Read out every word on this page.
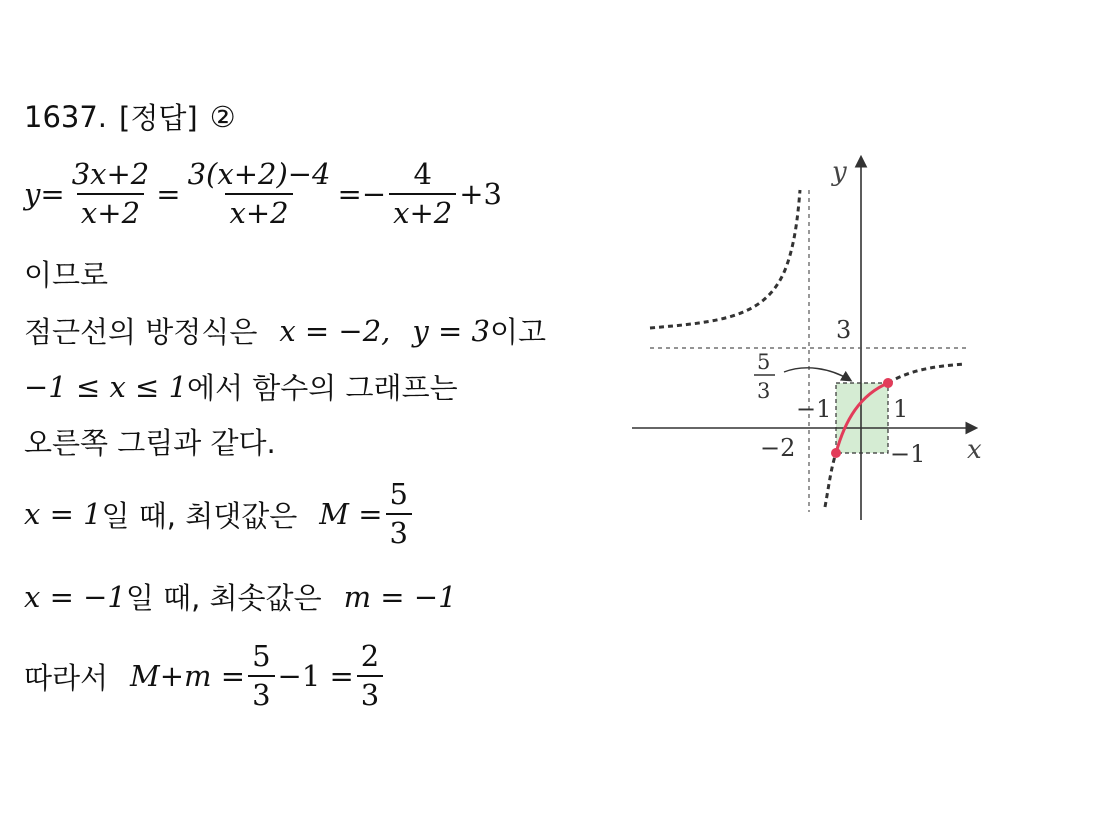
1637. [정답] ②
$y = \frac{3x+2}{x+2} = \frac{3(x+2)-4}{x+2}$ = − $\frac{4}{x+2} +3$
이므로
점근선의 방정식은 x = −2, y = 3 이고
−1 ≤ x ≤ 1 에서 함수의 그래프는
오른쪽 그림과 같다.
x = 1 일 때, 최댓값은 $M = \frac{5}{3}$
x = −1 일 때, 최솟값은 m = −1
따라서 $M+m = \frac{5}{3} -1 = \frac{2}{3}$
y
x
3
5
3
−1	1
−2	−1
